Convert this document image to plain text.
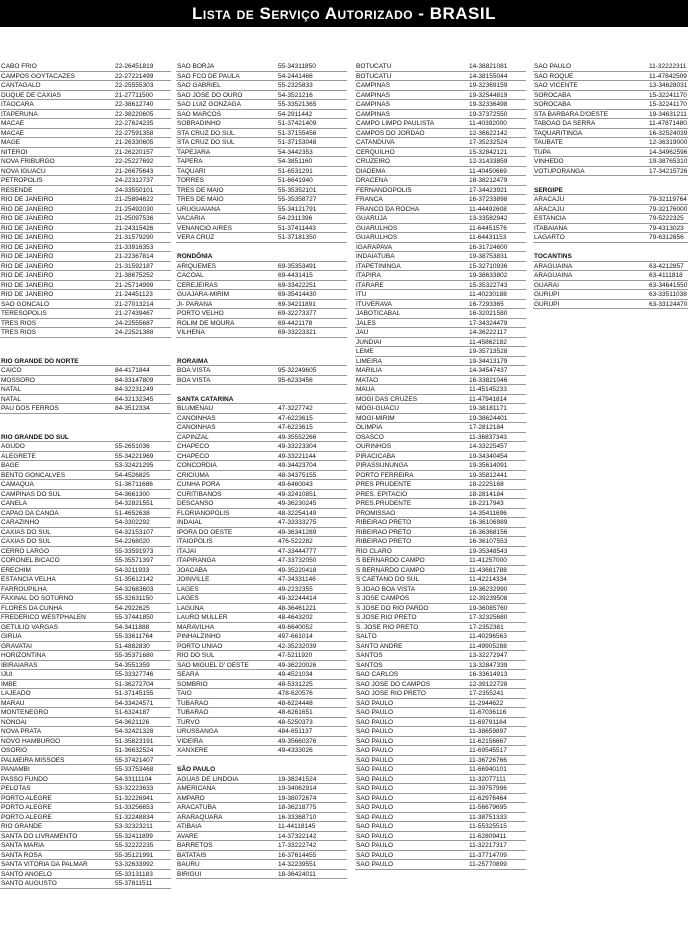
Lista de Serviço Autorizado - BRASIL
CABO FRIO	22-26451819
CAMPOS GOYTACAZES	22-27221499
CANTAGALO	22-25555303
DUQUE DE CAXIAS	21-27711500
ITAOCARA	22-38612740
ITAPERUNA	22-38220605
MACAE	22-27624235
MACAE	22-27591358
MAGE	21-26330605
NITEROI	21-26220157
NOVA FRIBURGO	22-25227692
NOVA IGUACU	21-26675643
PETROPOLIS	24-22312737
RESENDE	24-33550101
RIO DE JANEIRO	21-25894622
RIO DE JANEIRO	21-25492030
RIO DE JANEIRO	21-25097536
RIO DE JANEIRO	21-24315426
RIO DE JANEIRO	21-31579290
RIO DE JANEIRO	21-33916353
RIO DE JANEIRO	21-22367814
RIO DE JANEIRO	21-31592187
RIO DE JANEIRO	21-38675252
RIO DE JANEIRO	21-25714999
RIO DE JANEIRO	21-24451123
SAO GONCALO	21-27013214
TERESOPOLIS	21-27439467
TRES RIOS	24-22555687
TRES RIOS	24-22521388
RIO GRANDE DO NORTE
CAICO	84-4171844
MOSSORO	84-33147809
NATAL	84-32231249
NATAL	84-32132345
PAU DOS FERROS	84-3512334
RIO GRANDE DO SUL
AGUDO	55-2651036
ALEGRETE	55-34221969
BAGE	53-32421295
BENTO GONCALVES	54-4526825
CAMAQUA	51-36711686
CAMPINAS DO SUL	54-3661300
CANELA	54-32821551
CAPAO DA CANOA	51-4652638
CARAZINHO	54-3302292
CAXIAS DO SUL	54-32153107
CAXIAS DO SUL	54-2268020
CERRO LARGO	55-33591973
CORONEL BICACO	55-35571397
ERECHIM	54-3211933
ESTANCIA VELHA	51-35612142
FARROUPILHA	54-32683603
FAXINAL DO SOTURNO	55-32631150
FLORES DA CUNHA	54-2922625
FREDERICO WESTPHALEN	55-37441850
GETULIO VARGAS	54-3411888
GIRUA	55-33611764
GRAVATAI	51-4882830
HORIZONTINA	55-35371680
IBIRAIARAS	54-3551359
IJUI	55-33327746
IMBE	51-36272704
LAJEADO	51-37145155
MARAU	54-33424571
MONTENEGRO	51-6324187
NONOAI	54-3621126
NOVA PRATA	54-32421328
NOVO HAMBURGO	51-35823191
OSORIO	51-36632524
PALMEIRA MISSOES	55-37421407
PANAMBI	55-33753468
PASSO FUNDO	54-33111104
PELOTAS	53-32223633
PORTO ALEGRE	51-32226941
PORTO ALEGRE	51-33256653
PORTO ALEGRE	51-32248834
RIO GRANDE	53-32323211
SANTA DO LIVRAMENTO	55-32411899
SANTA MARIA	55-32222235
SANTA ROSA	55-35121991
SANTA VITORIA DA PALMAR	53-32633992
SANTO ANGELO	55-33131183
SANTO AUGUSTO	55-37811511
SAO BORJA	55-34311850
SAO FCO DE PAULA	54-2441466
SAO GABRIEL	55-2325833
SAO JOSE DO OURO	54-3521216
SAO LUIZ GONZAGA	55-33521365
SAO MARCOS	54-2911442
SOBRADINHO	51-37421409
STA CRUZ DO SUL	51-37155456
STA CRUZ DO SUL	51-37153048
TAPEJARA	54-3442353
TAPERA	54-3851160
TAQUARI	51-6531291
TORRES	51-6641940
TRES DE MAIO	55-35352101
TRES DE MAIO	55-35358727
URUGUAIANA	55-34121791
VACARIA	54-2311396
VENANCIO AIRES	51-37411443
VERA CRUZ	51-37181350
RONDÔNIA
ARIQUEMES	69-35353491
CACOAL	69-4431415
CEREJEIRAS	69-33422251
GUAJARA-MIRIM	69-35414430
JI- PARANA	69-34211891
PORTO VELHO	69-32273377
ROLIM DE MOURA	69-4421178
VILHENA	69-33223321
RORAIMA
BOA VISTA	95-32249605
BOA VISTA	95-6233456
SANTA CATARINA
BLUMENAU	47-3227742
CANOINHAS	47-6223615
CANOINHAS	47-6223615
CAPINZAL	49-35552266
CHAPECO	49-33223304
CHAPECO	49-33221144
CONCORDIA	49-34423704
CRICIUMA	48-34375155
CUNHA PORA	49-6460043
CURITIBANOS	49-32410851
DESCANSO	49-36230245
FLORIANOPOLIS	48-32254149
INDAIAL	47-33333275
IPORA DO OESTE	49-36341289
ITAIOPOLIS	476-522282
ITAJAI	47-33444777
ITAPIRANGA	47-33732050
JOACABA	49-35220418
JOINVILLE	47-34331146
LAGES	49-2232355
LAGES	49-32244414
LAGUNA	48-36461221
LAURO MULLER	48-4643202
MARAVILHA	49-6640052
PINHALZINHO	497-661014
PORTO UNIAO	42-35232039
RIO DO SUL	47-5211920
SAO MIGUEL D' OESTE	49-36220026
SEARA	49-4521034
SOMBRIO	48-5331225
TAIO	478-620576
TUBARAO	48-6224448
TUBARAO	48-6261651
TURVO	48-5250373
URUSSANGA	484-651137
VIDEIRA	49-35660376
XANXERE	49-4333026
SÃO PAULO
AGUAS DE LINDOIA	19-38241524
AMERICANA	19-34062914
AMPARO	19-38072674
ARACATUBA	18-36218775
ARARAQUARA	16-33368710
ATIBAIA	11-44118145
AVARE	14-37322142
BARRETOS	17-33222742
BATATAIS	16-37614455
BAURU	14-32239551
BIRIGUI	18-36424011
BOTUCATU	14-38821081
BOTUCATU	14-38155044
CAMPINAS	19-32369159
CAMPINAS	19-32544819
CAMPINAS	19-32336498
CAMPINAS	19-37372550
CAMPO LIMPO PAULISTA	11-40392000
CAMPOS DO JORDAO	12-36622142
CATANDUVA	17-35232524
CERQUILHO	15-32842121
CRUZEIRO	12-31433859
DIADEMA	11-40450669
DRACENA	18-38212479
FERNANDOPOLIS	17-34423921
FRANCA	16-37233898
FRANCO DA ROCHA	11-44492608
GUARUJA	13-33582942
GUARULHOS	11-64451576
GUARULHOS	11-64431153
IGARAPAVA	16-31724600
INDAIATUBA	19-38753831
ITAPETININGA	15-32710936
ITAPIRA	19-38633802
ITARARE	15-35322743
ITU	11-40230188
ITUVERAVA	16-7293365
JABOTICABAL	16-32021580
JALES	17-34324479
JAU	14-36222117
JUNDIAI	11-45862182
LEME	19-35713528
LIMEIRA	19-34413179
MARILIA	14-34547437
MATAO	16-33821046
MAUA	11-45145233
MOGI DAS CRUZES	11-47941814
MOGI-GUACU	19-38181171
MOGI-MIRIM	19-38624401
OLIMPIA	17-2812184
OSASCO	11-36837343
OURINHOS	14-33225457
PIRACICABA	19-34340454
PIRASSUNUNGA	19-35614091
PORTO FERREIRA	19-35812441
PRES PRUDENTE	18-2225168
PRES. EPITACIO	18-2814184
PRES.PRUDENTE	18-2217943
PROMISSAO	14-35411696
RIBEIRAO PRETO	16-36106989
RIBEIRAO PRETO	16-36368156
RIBEIRAO PRETO	16-36107553
RIO CLARO	19-35348543
S BERNARDO CAMPO	11-41257000
S BERNARDO CAMPO	11-43681788
S CAETANO DO SUL	11-42214334
S JOAO BOA VISTA	19-36232990
S JOSE CAMPOS	12-39239508
S JOSE DO RIO PARDO	19-36085760
S JOSE RIO PRETO	17-32325680
S. JOSE RIO PRETO	17-2352381
SALTO	11-40296563
SANTO ANDRE	11-49905288
SANTOS	13-32272947
SANTOS	13-32847339
SAO CARLOS	16-33614913
SAO JOSE DO CAMPOS	12-39122728
SAO JOSE RIO PRETO	17-2355241
SAO PAULO	11-2944622
SAO PAULO	11-67036116
SAO PAULO	11-69791184
SAO PAULO	11-38659897
SAO PAULO	11-62156667
SAO PAULO	11-69545517
SAO PAULO	11-36726766
SAO PAULO	11-66940101
SAO PAULO	11-32077111
SAO PAULO	11-39757996
SAO PAULO	11-62976464
SAO PAULO	11-56679695
SAO PAULO	11-38751333
SAO PAULO	11-55325515
SAO PAULO	11-62809411
SAO PAULO	11-32217317
SAO PAULO	11-37714709
SAO PAULO	11-25770899
SAO PAULO	11-32222311
SAO ROQUE	11-47842509
SAO VICENTE	13-34628031
SOROCABA	15-32241170
SOROCABA	15-32241170
STA BARBARA D'OESTE	19-34631211
TABOAO DA SERRA	11-47871480
TAQUARITINGA	16-32524039
TAUBATE	12-36319000
TUPA	14-34962596
VINHEDO	19-38765310
VOTUPORANGA	17-34215726
SERGIPE
ARACAJU	79-32119764
ARACAJU	79-32176000
ESTANCIA	79-5222325
ITABAIANA	79-4313023
LAGARTO	79-6312656
TOCANTINS
ARAGUAINA	63-4212857
ARAGUAINA	63-4111818
GUARAI	63-34641550
GURUPI	63-33511038
GURUPI	63-33124470
